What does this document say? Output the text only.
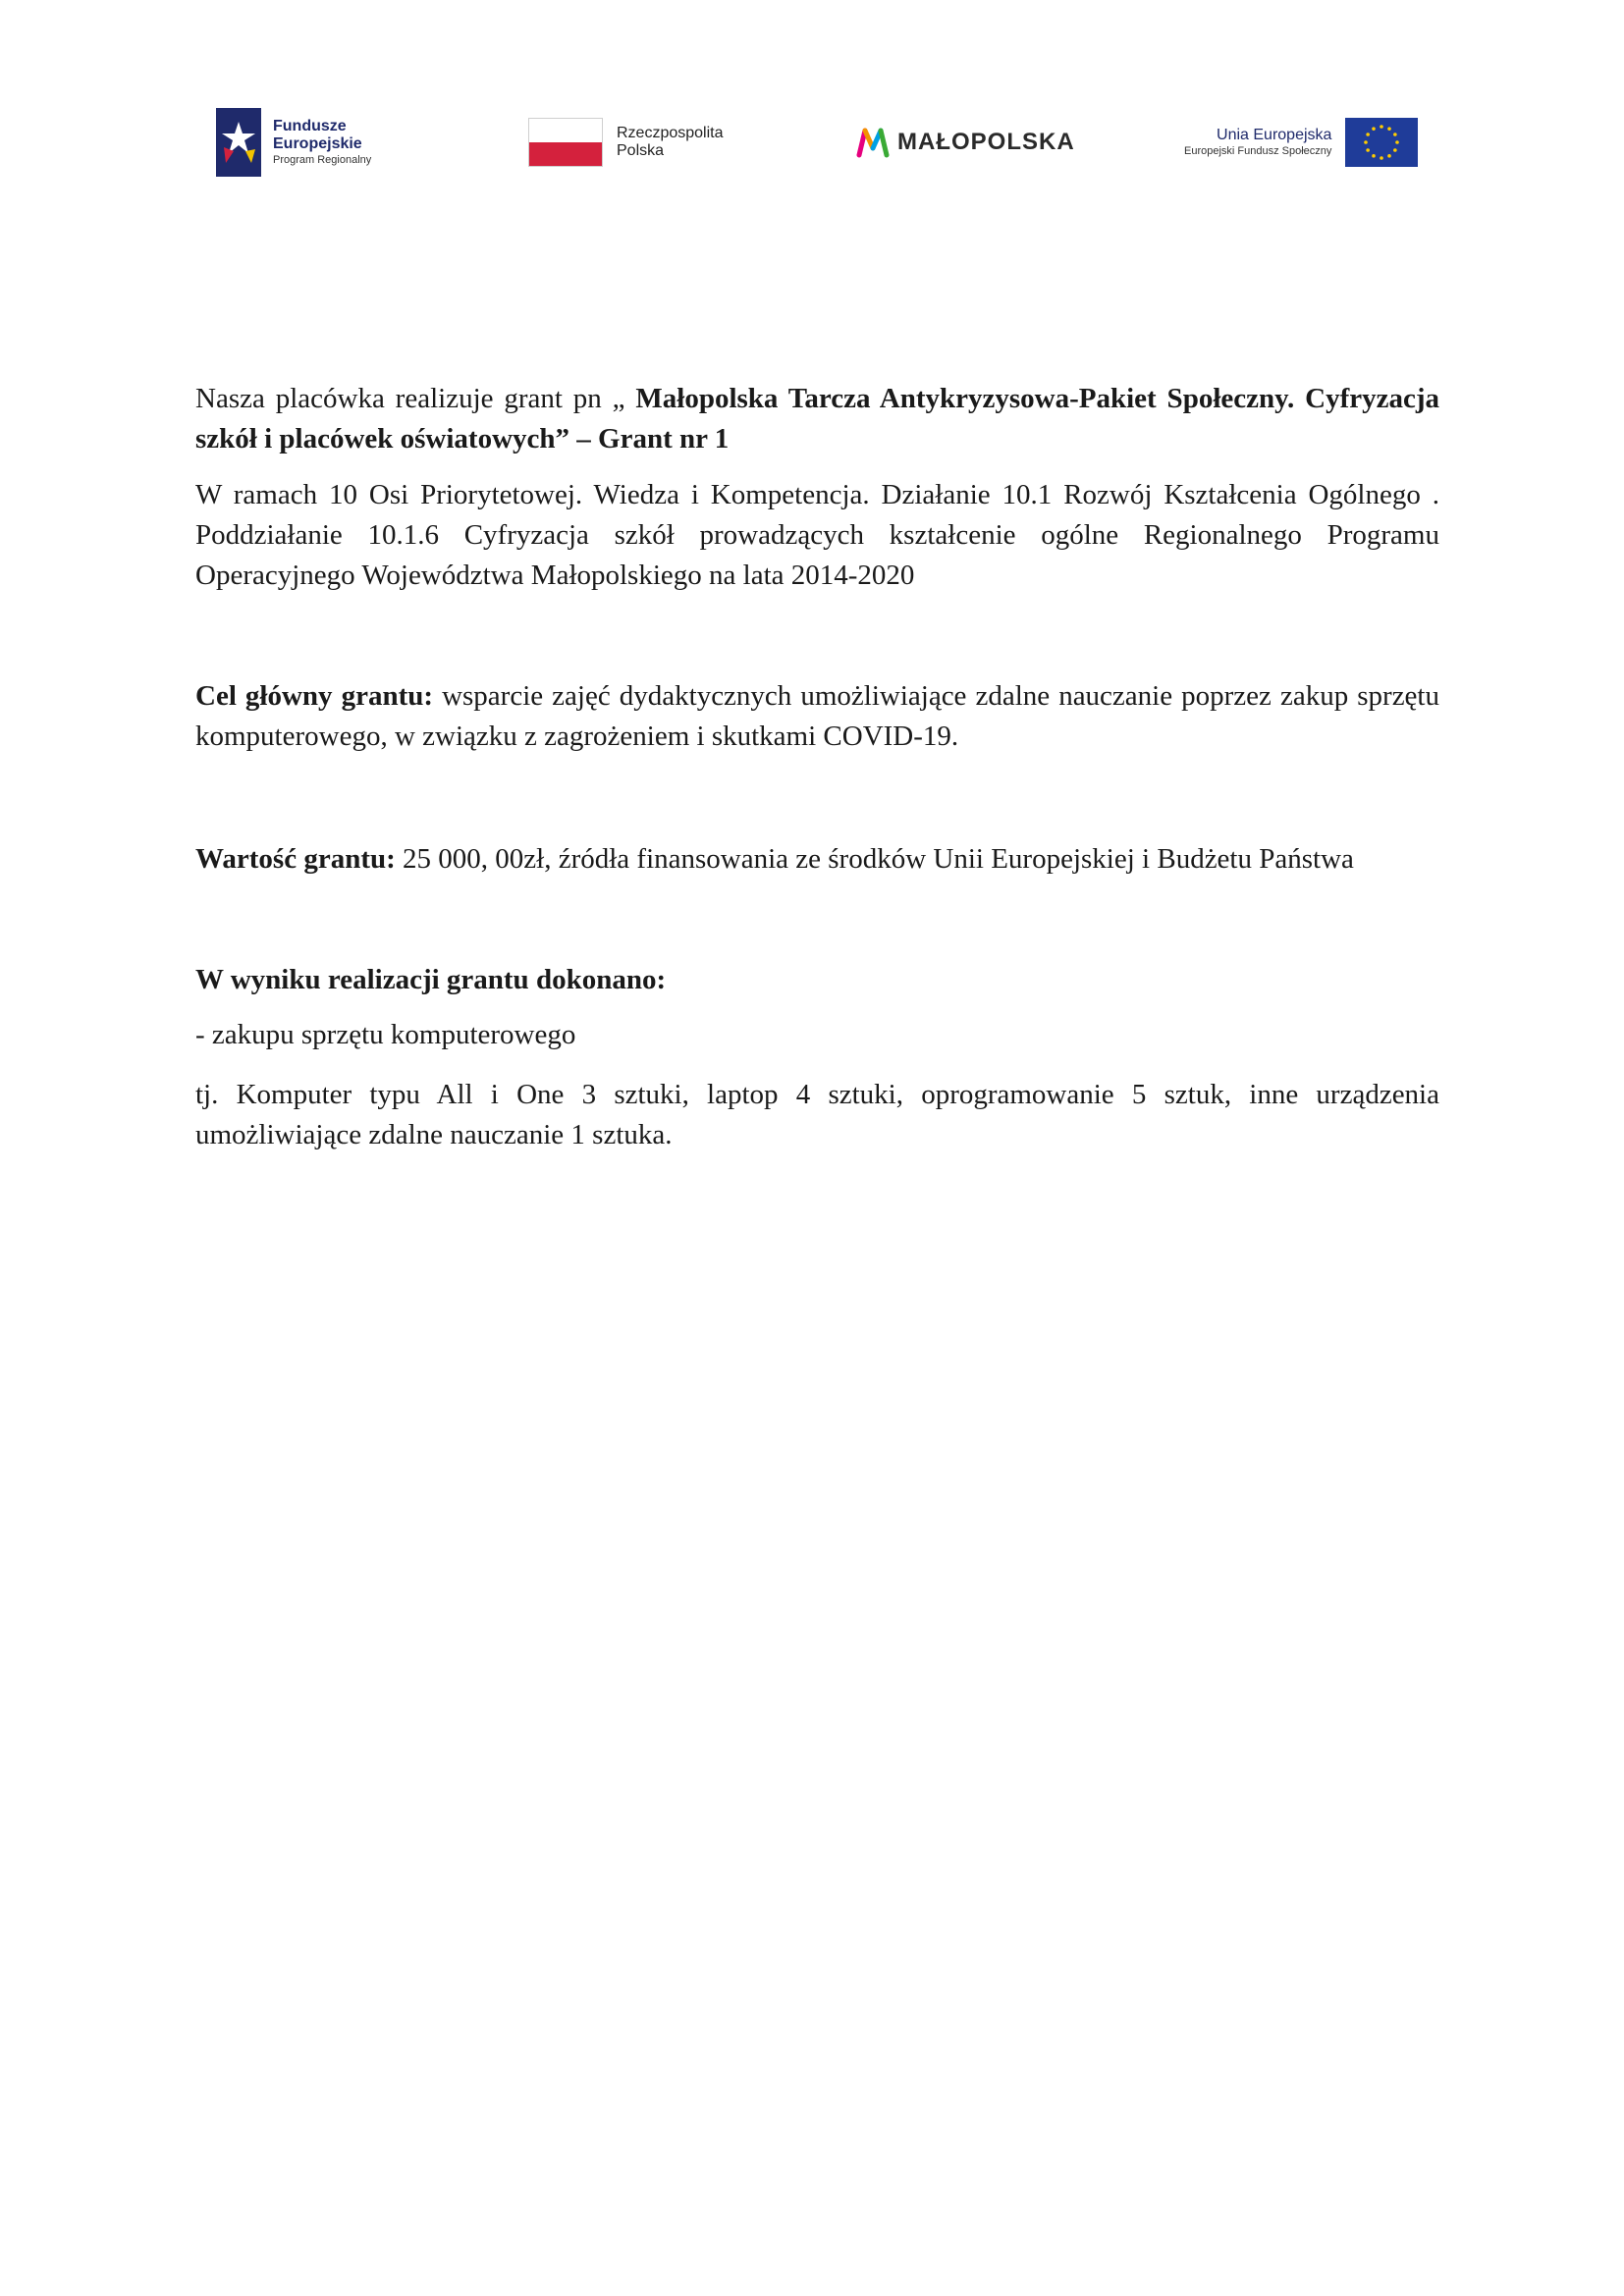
Fundusze
Europejskie
Program Regionalny
Rzeczpospolita
Polska	MAŁOPOLSKA	Unia Europejska
Europejski Fundusz Społeczny

Nasza placówka realizuje grant pn „ Małopolska Tarcza Antykryzysowa-Pakiet Społeczny. Cyfryzacja szkół i placówek oświatowych” – Grant nr 1

W ramach 10 Osi Priorytetowej. Wiedza i Kompetencja. Działanie 10.1 Rozwój Kształcenia Ogólnego . Poddziałanie 10.1.6 Cyfryzacja szkół prowadzących kształcenie ogólne Regionalnego Programu Operacyjnego Województwa Małopolskiego na lata 2014-2020

Cel główny grantu: wsparcie zajęć dydaktycznych umożliwiające zdalne nauczanie poprzez zakup sprzętu komputerowego, w związku z zagrożeniem i skutkami COVID-19.

Wartość grantu: 25 000, 00zł, źródła finansowania ze środków Unii Europejskiej i Budżetu Państwa

W wyniku realizacji grantu dokonano:

- zakupu sprzętu komputerowego

tj. Komputer typu All i One 3 sztuki, laptop 4 sztuki, oprogramowanie 5 sztuk, inne urządzenia umożliwiające zdalne nauczanie 1 sztuka.
